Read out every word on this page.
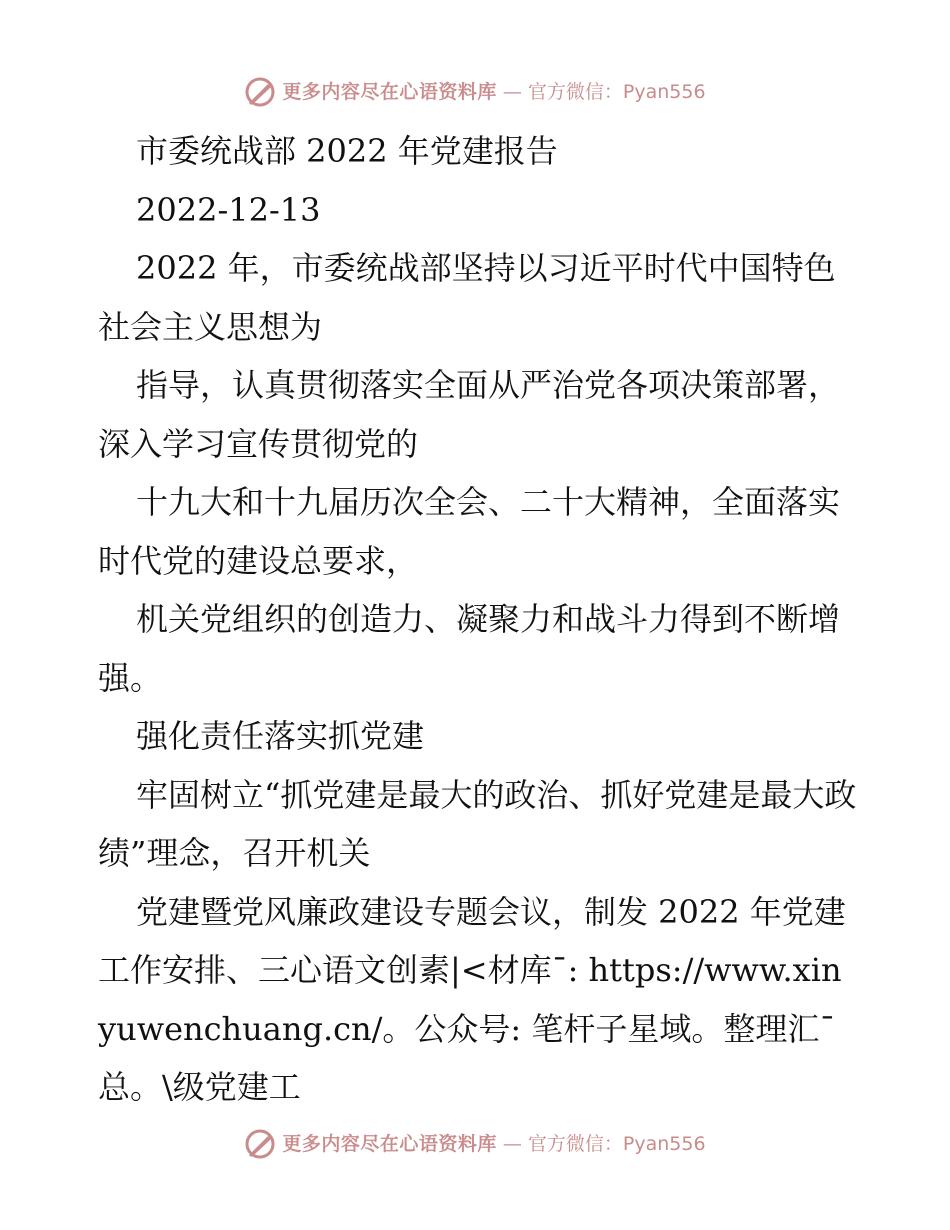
更多内容尽在心语资料库 — 官方微信：Pyan556

市委统战部 2022 年党建报告

2022-12-13

2022 年，市委统战部坚持以习近平时代中国特色社会主义思想为

指导，认真贯彻落实全面从严治党各项决策部署，深入学习宣传贯彻党的

十九大和十九届历次全会、二十大精神，全面落实时代党的建设总要求，

机关党组织的创造力、凝聚力和战斗力得到不断增强。

强化责任落实抓党建

牢固树立“抓党建是最大的政治、抓好党建是最大政绩”理念，召开机关

党建暨党风廉政建设专题会议，制发 2022 年党建工作安排、三心语文创素|<材库¯: https://www.xinyuwenchuang.cn/。公众号: 笔杆子星域。整理汇¯总。\级党建工

更多内容尽在心语资料库 — 官方微信：Pyan556
